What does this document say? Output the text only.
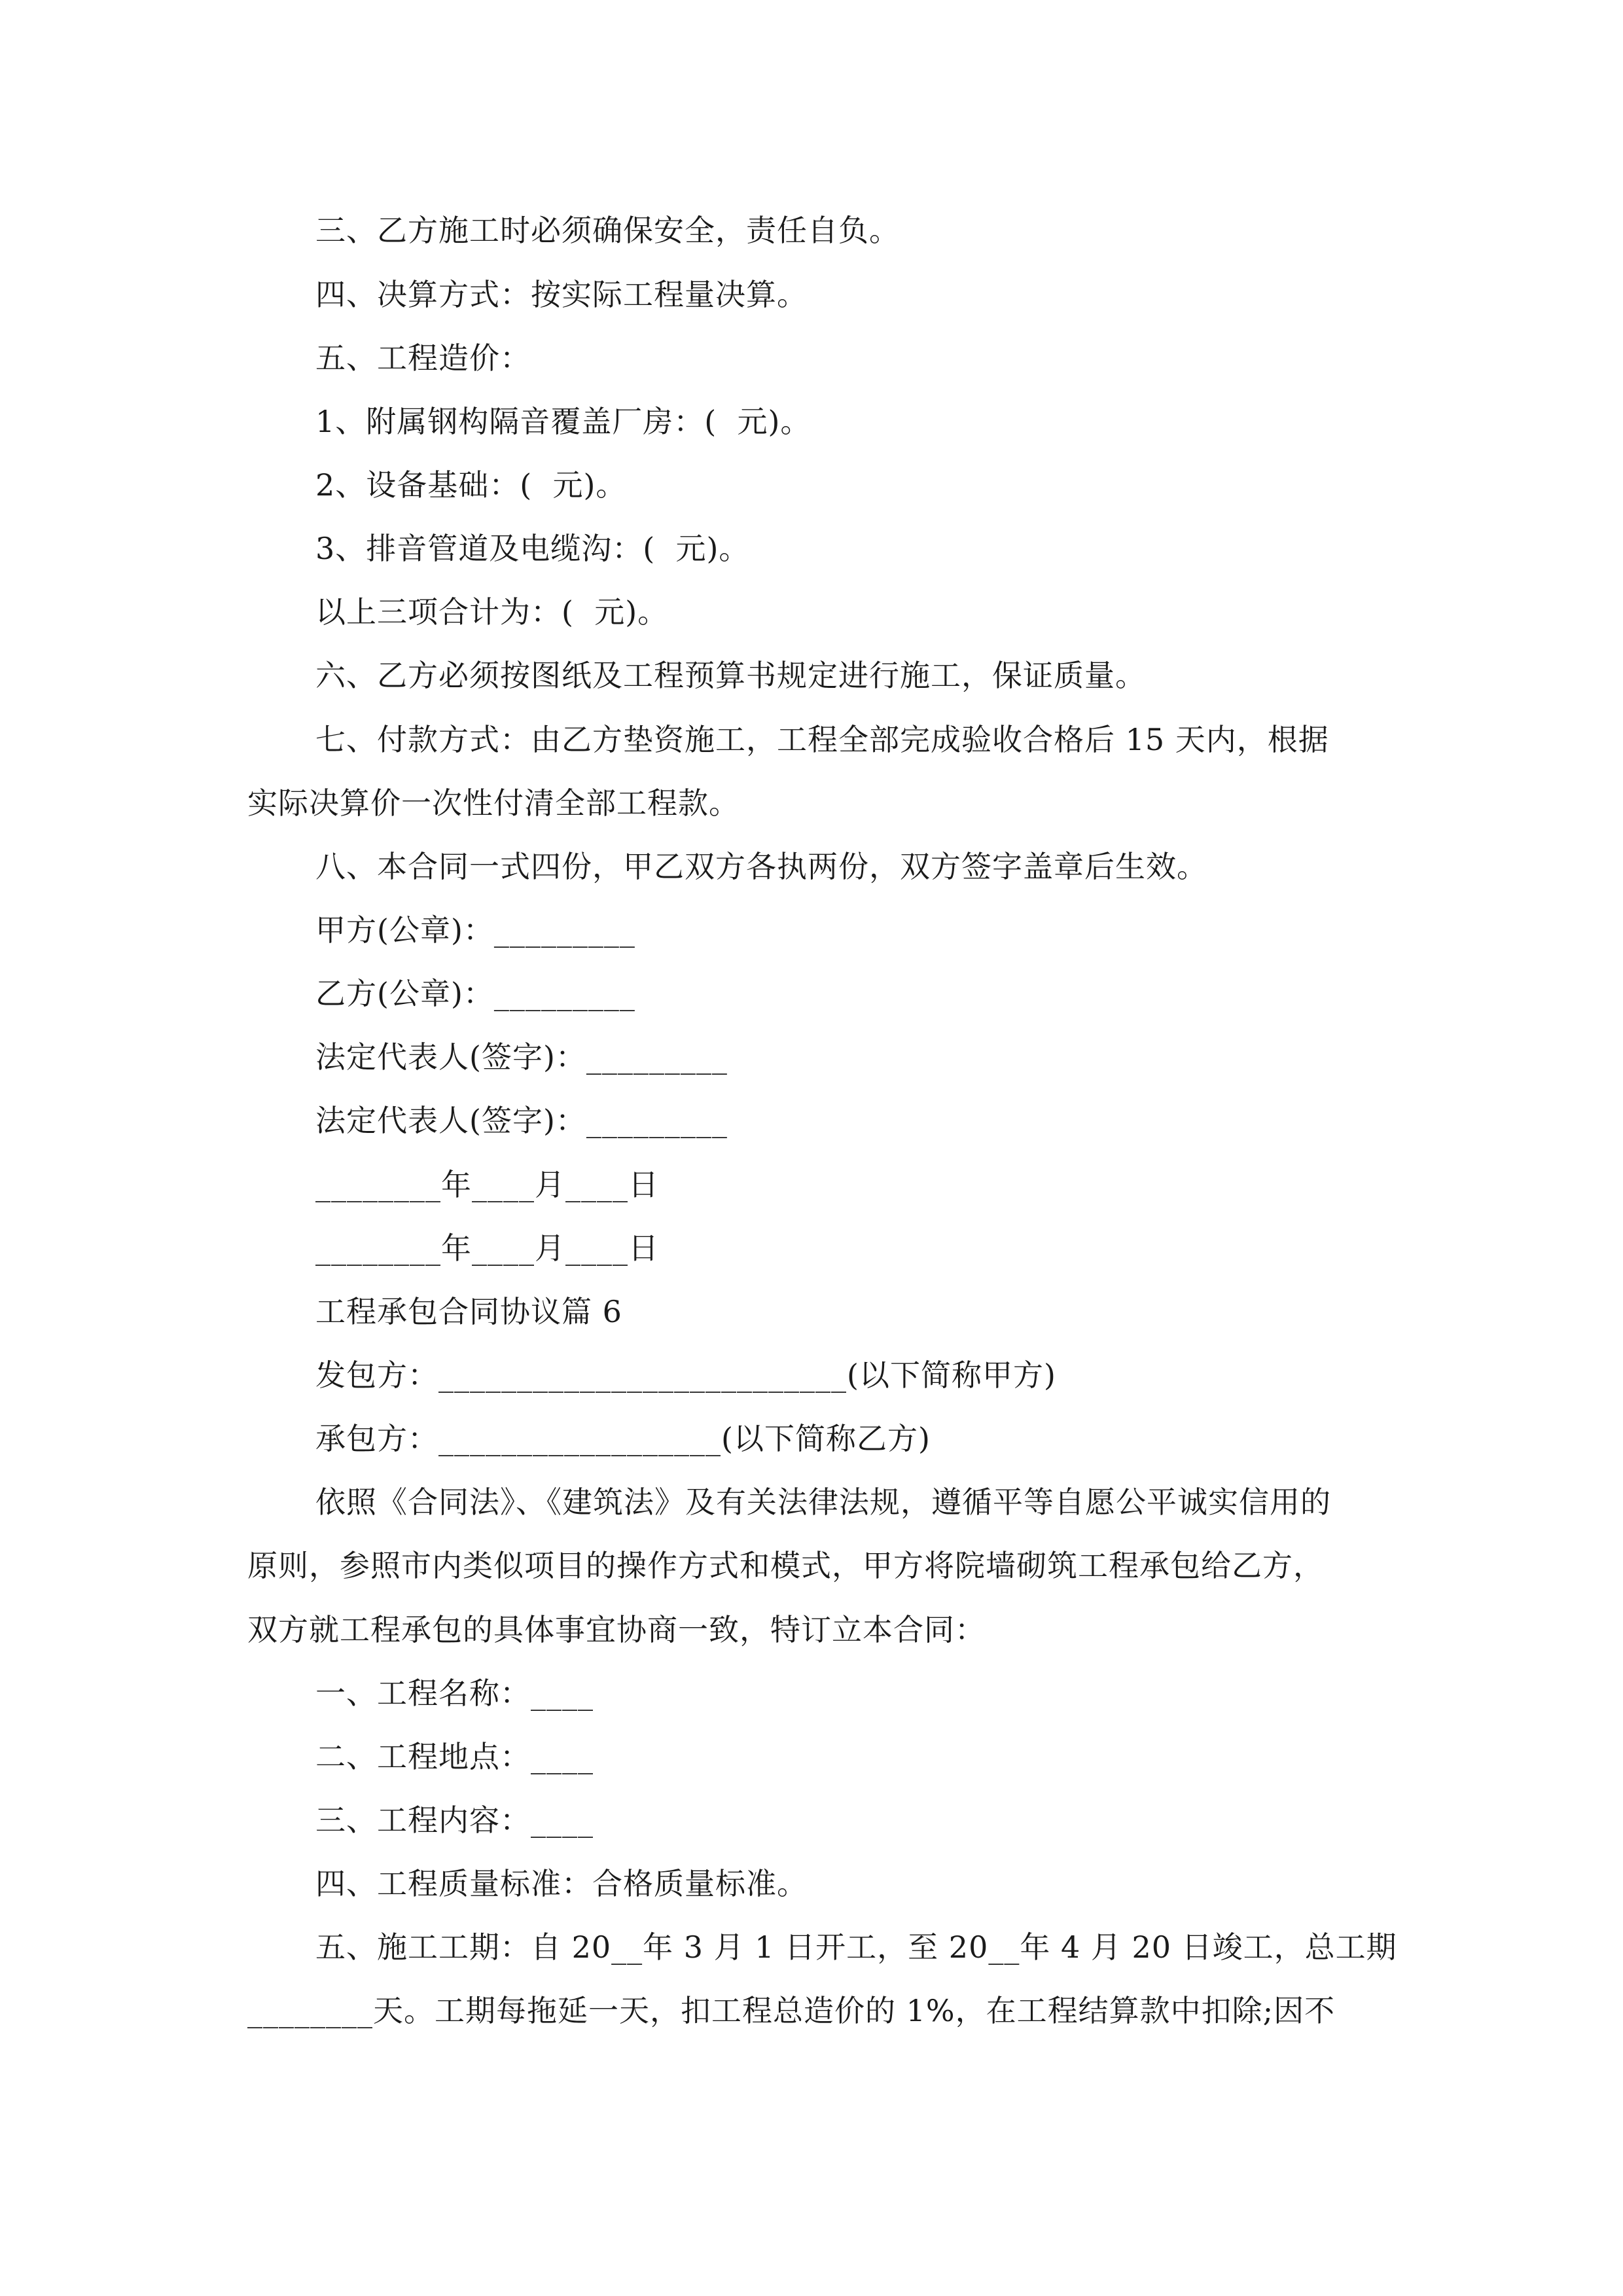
三、乙方施工时必须确保安全，责任自负。
四、决算方式：按实际工程量决算。
五、工程造价：
1、附属钢构隔音覆盖厂房：(  元)。
2、设备基础：(  元)。
3、排音管道及电缆沟：(  元)。
以上三项合计为：(  元)。
六、乙方必须按图纸及工程预算书规定进行施工，保证质量。
七、付款方式：由乙方垫资施工，工程全部完成验收合格后 15 天内，根据
实际决算价一次性付清全部工程款。
八、本合同一式四份，甲乙双方各执两份，双方签字盖章后生效。
甲方(公章)：_________
乙方(公章)：_________
法定代表人(签字)：_________
法定代表人(签字)：_________
________年____月____日
________年____月____日
工程承包合同协议篇 6
发包方：__________________________(以下简称甲方)
承包方：__________________(以下简称乙方)
依照《合同法》、《建筑法》及有关法律法规，遵循平等自愿公平诚实信用的
原则，参照市内类似项目的操作方式和模式，甲方将院墙砌筑工程承包给乙方，
双方就工程承包的具体事宜协商一致，特订立本合同：
一、工程名称：____
二、工程地点：____
三、工程内容：____
四、工程质量标准：合格质量标准。
五、施工工期：自 20__年 3 月 1 日开工，至 20__年 4 月 20 日竣工，总工期
________天。工期每拖延一天，扣工程总造价的 1%，在工程结算款中扣除;因不
